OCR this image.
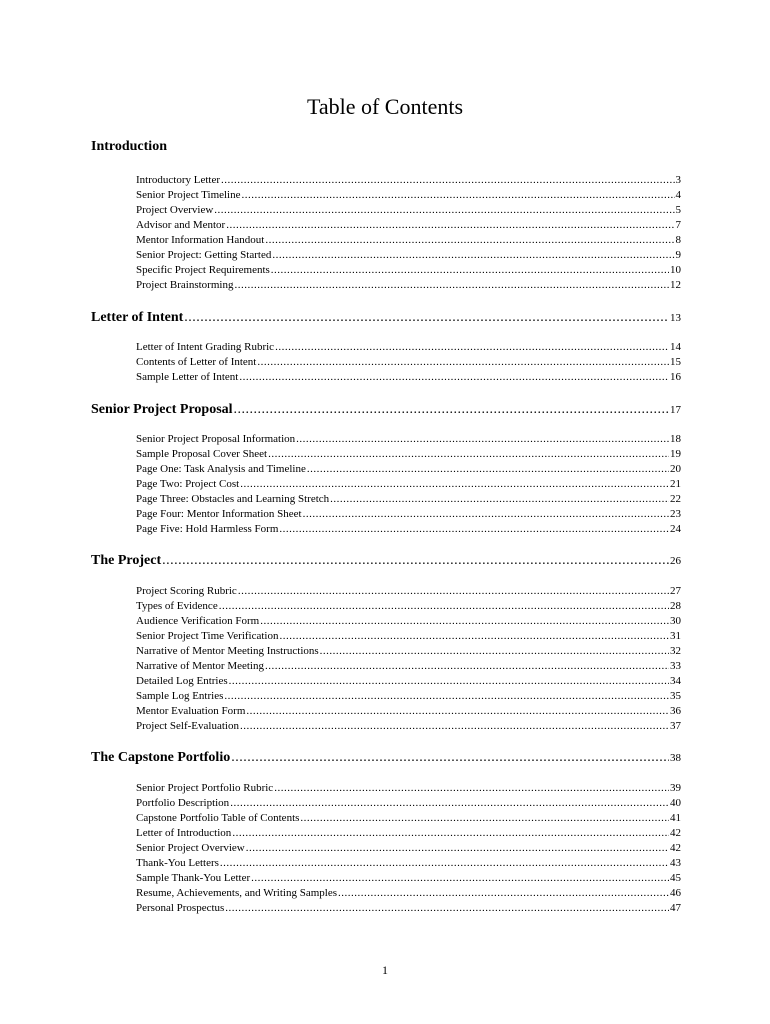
Table of Contents
Introduction
Introductory Letter .....	3
Senior Project Timeline .....	4
Project Overview .....	5
Advisor and Mentor .....	7
Mentor Information Handout .....	8
Senior Project: Getting Started .....	9
Specific Project Requirements .....	10
Project Brainstorming .....	12
Letter of Intent .....	13
Letter of Intent Grading Rubric .....	14
Contents of Letter of Intent .....	15
Sample Letter of Intent .....	16
Senior Project Proposal .....	17
Senior Project Proposal Information .....	18
Sample Proposal Cover Sheet .....	19
Page One: Task Analysis and Timeline .....	20
Page Two: Project Cost .....	21
Page Three: Obstacles and Learning Stretch .....	22
Page Four: Mentor Information Sheet .....	23
Page Five: Hold Harmless Form .....	24
The Project .....	26
Project Scoring Rubric .....	27
Types of Evidence .....	28
Audience Verification Form .....	30
Senior Project Time Verification .....	31
Narrative of Mentor Meeting Instructions .....	32
Narrative of Mentor Meeting .....	33
Detailed Log Entries .....	34
Sample Log Entries .....	35
Mentor Evaluation Form .....	36
Project Self-Evaluation .....	37
The Capstone Portfolio .....	38
Senior Project Portfolio Rubric .....	39
Portfolio Description .....	40
Capstone Portfolio Table of Contents .....	41
Letter of Introduction .....	42
Senior Project Overview .....	42
Thank-You Letters .....	43
Sample Thank-You Letter .....	45
Resume, Achievements, and Writing Samples .....	46
Personal Prospectus .....	47
1
